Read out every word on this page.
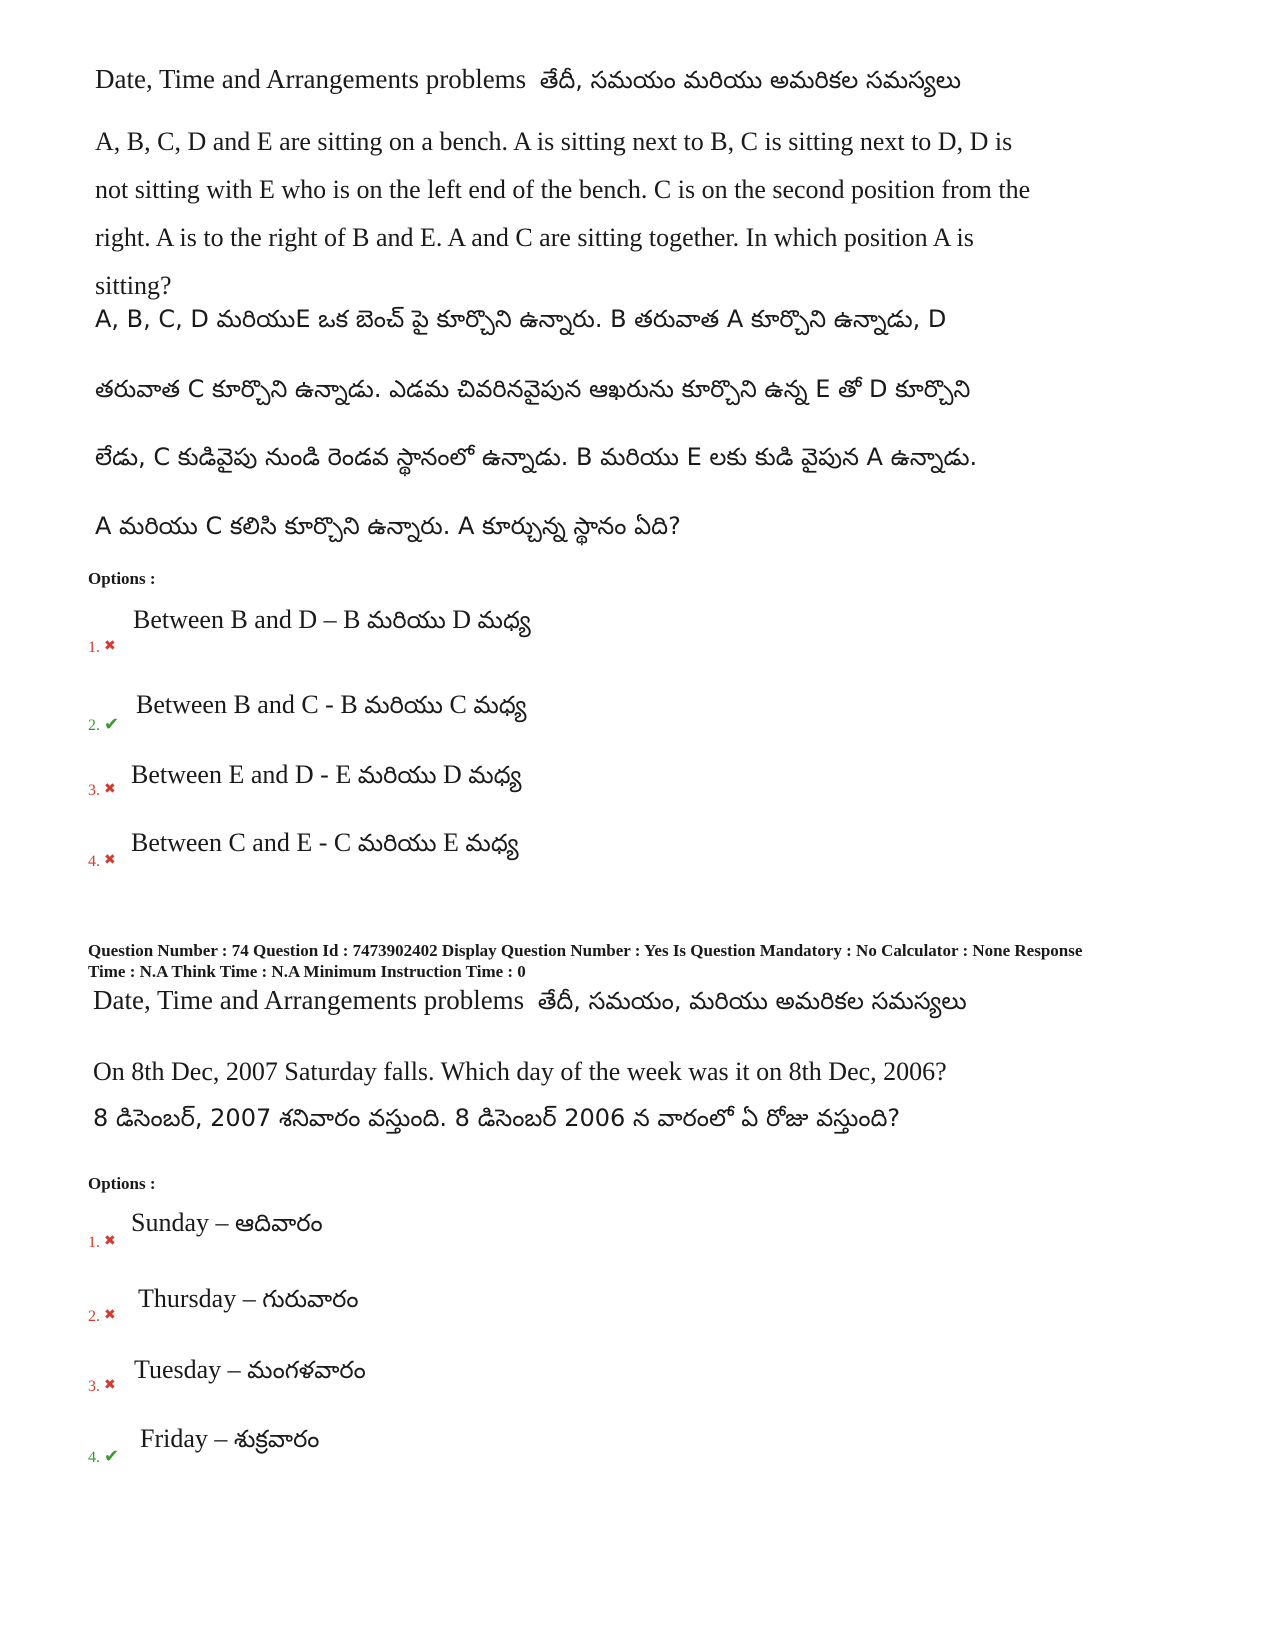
Date, Time and Arrangements problems తేదీ, సమయం మరియు అమరికల సమస్యలు
A, B, C, D and E are sitting on a bench. A is sitting next to B, C is sitting next to D, D is
not sitting with E who is on the left end of the bench. C is on the second position from the
right. A is to the right of B and E. A and C are sitting together. In which position A is
sitting?
A, B, C, D మరియుE ఒక బెంచ్ పై కూర్చొని ఉన్నారు. B తరువాత A కూర్చొని ఉన్నాడు, D
తరువాత C కూర్చొని ఉన్నాడు. ఎడమ చివరినవైపున ఆఖరును కూర్చొని ఉన్న E తో D కూర్చొని
లేడు, C కుడివైపు నుండి రెండవ స్థానంలో ఉన్నాడు. B మరియు E లకు కుడి వైపున A ఉన్నాడు.
A మరియు C కలిసి కూర్చొని ఉన్నారు. A కూర్చున్న స్థానం ఏది?
Options :
1. ✖
Between B and D – B మరియు D మధ్య
2. ✔
Between B and C - B మరియు C మధ్య
3. ✖
Between E and D - E మరియు D మధ్య
4. ✖
Between C and E - C మరియు E మధ్య
Question Number : 74 Question Id : 7473902402 Display Question Number : Yes Is Question Mandatory : No Calculator : None Response
Time : N.A Think Time : N.A Minimum Instruction Time : 0
Date, Time and Arrangements problems తేదీ, సమయం, మరియు అమరికల సమస్యలు
On 8th Dec, 2007 Saturday falls. Which day of the week was it on 8th Dec, 2006?
8 డిసెంబర్, 2007 శనివారం వస్తుంది. 8 డిసెంబర్ 2006 న వారంలో ఏ రోజు వస్తుంది?
Options :
1. ✖
Sunday – ఆదివారం
2. ✖
Thursday – గురువారం
3. ✖
Tuesday – మంగళవారం
4. ✔
Friday – శుక్రవారం
